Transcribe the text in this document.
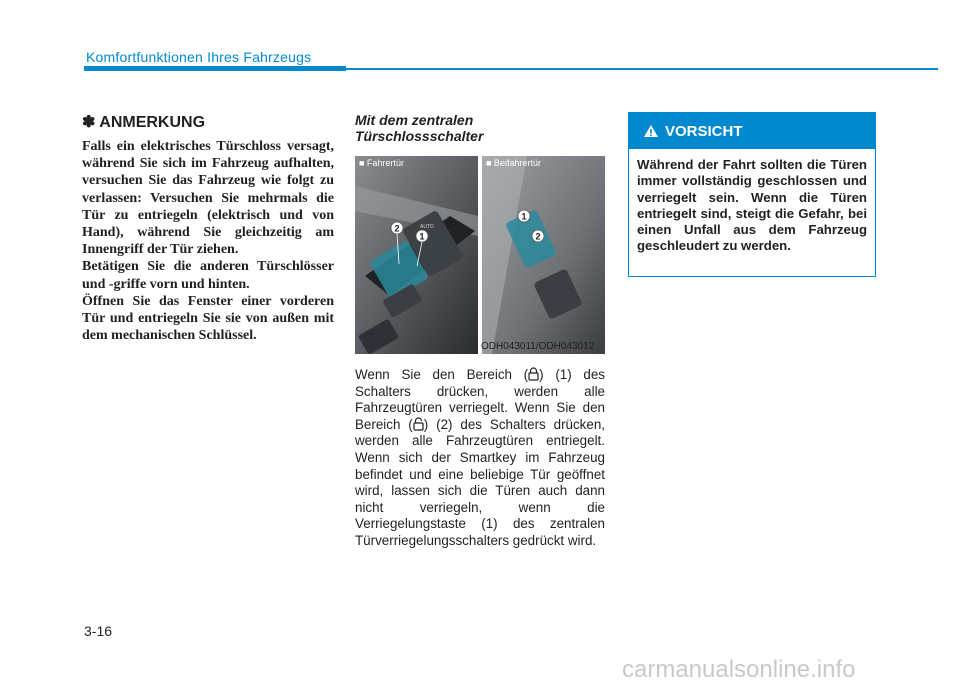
Komfortfunktionen Ihres Fahrzeugs

✽ ANMERKUNG

Falls ein elektrisches Türschloss versagt, während Sie sich im Fahrzeug aufhalten, versuchen Sie das Fahrzeug wie folgt zu verlassen: Versuchen Sie mehrmals die Tür zu entriegeln (elektrisch und von Hand), während Sie gleichzeitig am Innengriff der Tür ziehen.
Betätigen Sie die anderen Türschlösser und -griffe vorn und hinten.
Öffnen Sie das Fenster einer vorderen Tür und entriegeln Sie sie von außen mit dem mechanischen Schlüssel.

Mit dem zentralen Türschlossschalter

AUTO
1
2
■ Fahrertür
1
2
■ Beifahrertür
ODH043011/ODH043012

Wenn Sie den Bereich ( ) (1) des Schalters drücken, werden alle Fahrzeugtüren verriegelt. Wenn Sie den Bereich ( ) (2) des Schalters drücken, werden alle Fahrzeugtüren entriegelt. Wenn sich der Smartkey im Fahrzeug befindet und eine beliebige Tür geöffnet wird, lassen sich die Türen auch dann nicht verriegeln, wenn die Verriegelungstaste (1) des zentralen Türverriegelungsschalters gedrückt wird.

VORSICHT

Während der Fahrt sollten die Türen immer vollständig geschlossen und verriegelt sein. Wenn die Türen entriegelt sind, steigt die Gefahr, bei einen Unfall aus dem Fahrzeug geschleudert zu werden.

3-16
carmanualsonline.info
